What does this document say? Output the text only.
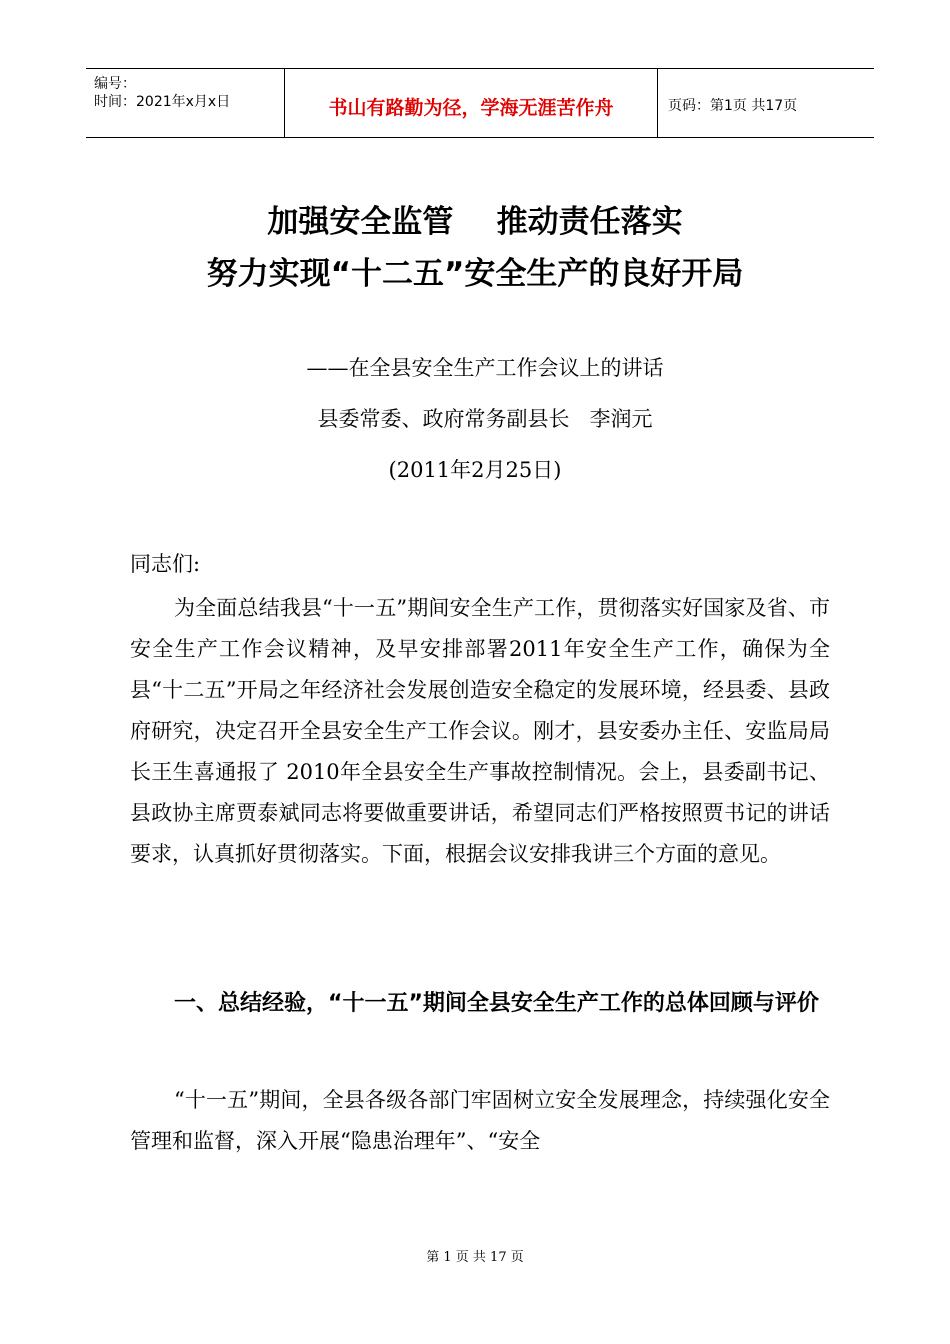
编号：
时间：2021年x月x日	书山有路勤为径，学海无涯苦作舟	页码：第1页 共17页
加强安全监管    推动责任落实
努力实现“十二五”安全生产的良好开局
——在全县安全生产工作会议上的讲话
县委常委、政府常务副县长   李润元
(2011年2月25日)
同志们:
为全面总结我县“十一五”期间安全生产工作，贯彻落实好国家及省、市安全生产工作会议精神，及早安排部署2011年安全生产工作，确保为全县“十二五”开局之年经济社会发展创造安全稳定的发展环境，经县委、县政府研究，决定召开全县安全生产工作会议。刚才，县安委办主任、安监局局长王生喜通报了 2010年全县安全生产事故控制情况。会上，县委副书记、县政协主席贾泰斌同志将要做重要讲话，希望同志们严格按照贾书记的讲话要求，认真抓好贯彻落实。下面，根据会议安排我讲三个方面的意见。
一、总结经验，“十一五”期间全县安全生产工作的总体回顾与评价
“十一五”期间，全县各级各部门牢固树立安全发展理念，持续强化安全管理和监督，深入开展“隐患治理年”、“安全
第 1 页 共 17 页
